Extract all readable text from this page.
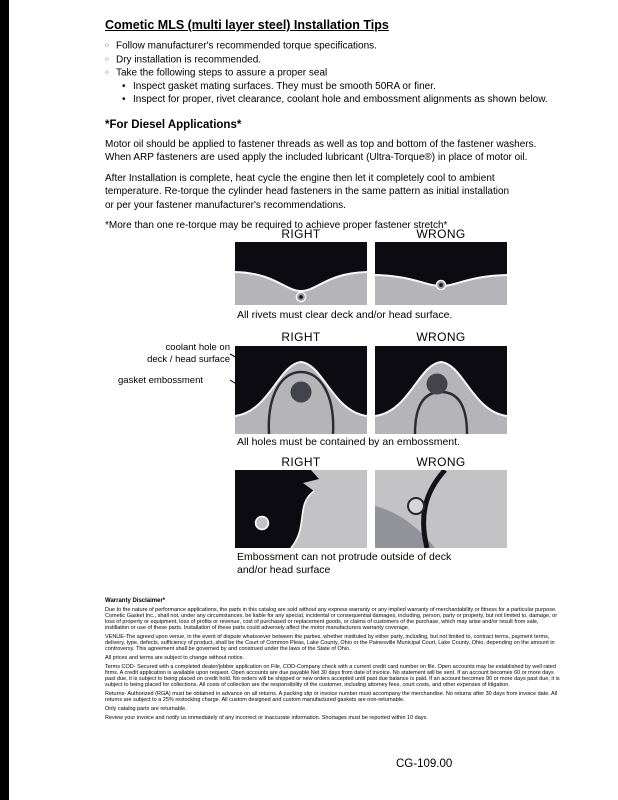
Cometic MLS (multi layer steel) Installation Tips
○Follow manufacturer's recommended torque specifications.
○Dry installation is recommended.
○Take the following steps to assure a proper seal
•Inspect gasket mating surfaces. They must be smooth 50RA or finer.
•Inspect for proper, rivet clearance, coolant hole and embossment alignments as shown below.
*For Diesel Applications*
Motor oil should be applied to fastener threads as well as top and bottom of the fastener washers.
When ARP fasteners are used apply the included lubricant (Ultra-Torque®) in place of motor oil.
After Installation is complete, heat cycle the engine then let it completely cool to ambient
temperature. Re-torque the cylinder head fasteners in the same pattern as initial installation
or per your fastener manufacturer's recommendations.
*More than one re-torque may be required to achieve proper fastener stretch*
RIGHT	WRONG
All rivets must clear deck and/or head surface.
RIGHT	WRONG
coolant hole on
deck / head surface
gasket embossment
All holes must be contained by an embossment.
RIGHT	WRONG
Embossment can not protrude outside of deck
and/or head surface

Warranty Disclaimer*

Due to the nature of performance applications, the parts in this catalog are sold without any express warranty or any implied warranty of merchantability or fitness for a particular purpose. Cometic Gasket Inc., shall not, under any circumstances, be liable for any special, incidental or consequential damages, including, person, party or property, but not limited to, damage, or loss of property or equipment, loss of profits or revenue, cost of purchased or replacement goods, or claims of customers of the purchase, which may arise and/or result from sale, instillation or use of these parts. Installation of these parts could adversely affect the motor manufacturers warranty coverage.

VENUE-The agreed upon venue, in the event of dispute whatsoever between the parties, whether instituted by either party, including, but not limited to, contract terms, payment terms, delivery, type, defects, sufficiency of product, shall be the Court of Common Pleas, Lake County, Ohio or the Painesville Municipal Court, Lake County, Ohio, depending on the amount in controversy. This agreement shall be governed by and construed under the laws of the State of Ohio.

All prices and terms are subject to change without notice.

Terms COD- Secured with a completed dealer/jobber application on File, COD-Company check with a current credit card number on file. Open accounts may be established by well rated firms. A credit application is available upon request. Open accounts are due payable Net 30 days from date of invoice. No statement will be sent. If an account becomes 60 or more days past due, it is subject to being placed on credit hold. No orders will be shipped or new orders accepted until past due balance is paid. If an account becomes 90 or more days past due, it is subject to being placed for collections. All costs of collection are the responsibility of the customer, including attorney fees, court costs, and other expenses of litigation.

Returns- Authorized (RGA) must be obtained in advance on all returns. A packing slip or invoice number must accompany the merchandise. No returns after 30 days from invoice date. All returns are subject to a 25% restocking charge. All custom designed and custom manufactured gaskets are non-returnable.

Only catalog parts are returnable.

Review your invoice and notify us immediately of any incorrect or inaccurate information. Shortages must be reported within 10 days.

CG-109.00
